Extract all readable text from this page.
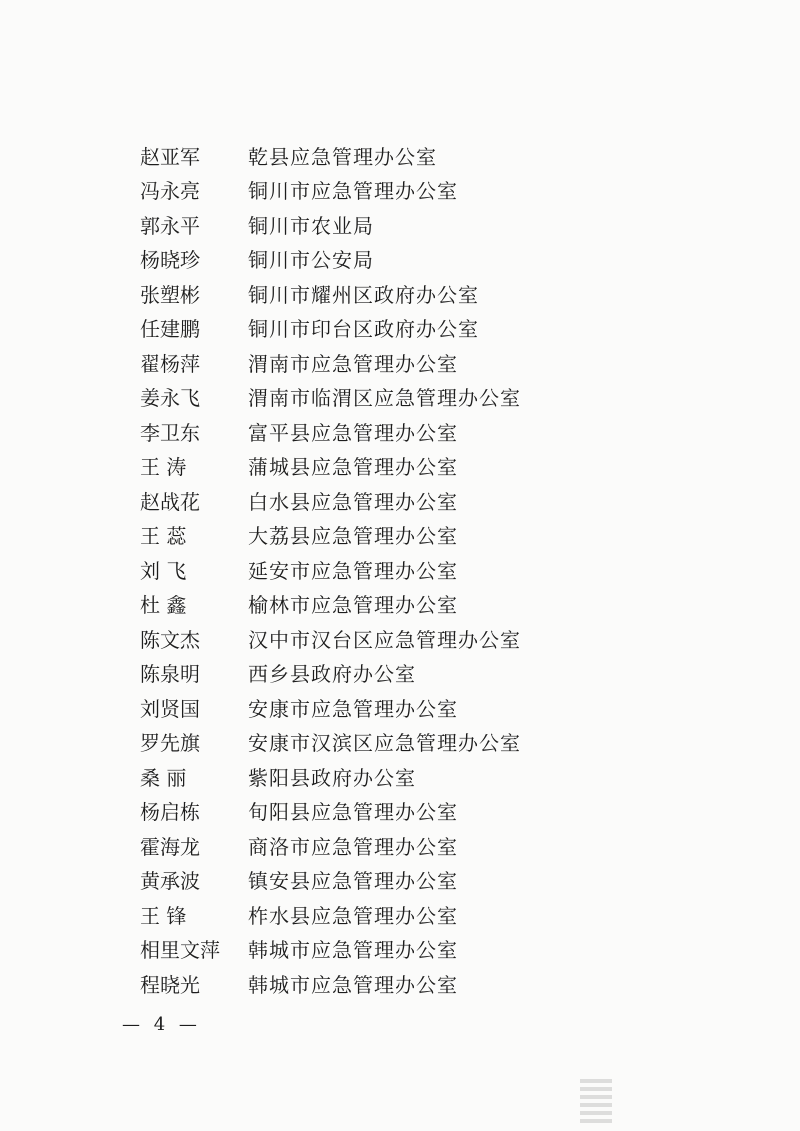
赵亚军	乾县应急管理办公室
冯永亮	铜川市应急管理办公室
郭永平	铜川市农业局
杨晓珍	铜川市公安局
张塑彬	铜川市耀州区政府办公室
任建鹏	铜川市印台区政府办公室
翟杨萍	渭南市应急管理办公室
姜永飞	渭南市临渭区应急管理办公室
李卫东	富平县应急管理办公室
王 涛	蒲城县应急管理办公室
赵战花	白水县应急管理办公室
王 蕊	大荔县应急管理办公室
刘 飞	延安市应急管理办公室
杜 鑫	榆林市应急管理办公室
陈文杰	汉中市汉台区应急管理办公室
陈泉明	西乡县政府办公室
刘贤国	安康市应急管理办公室
罗先旗	安康市汉滨区应急管理办公室
桑 丽	紫阳县政府办公室
杨启栋	旬阳县应急管理办公室
霍海龙	商洛市应急管理办公室
黄承波	镇安县应急管理办公室
王 锋	柞水县应急管理办公室
相里文萍	韩城市应急管理办公室
程晓光	韩城市应急管理办公室
— 4 —
